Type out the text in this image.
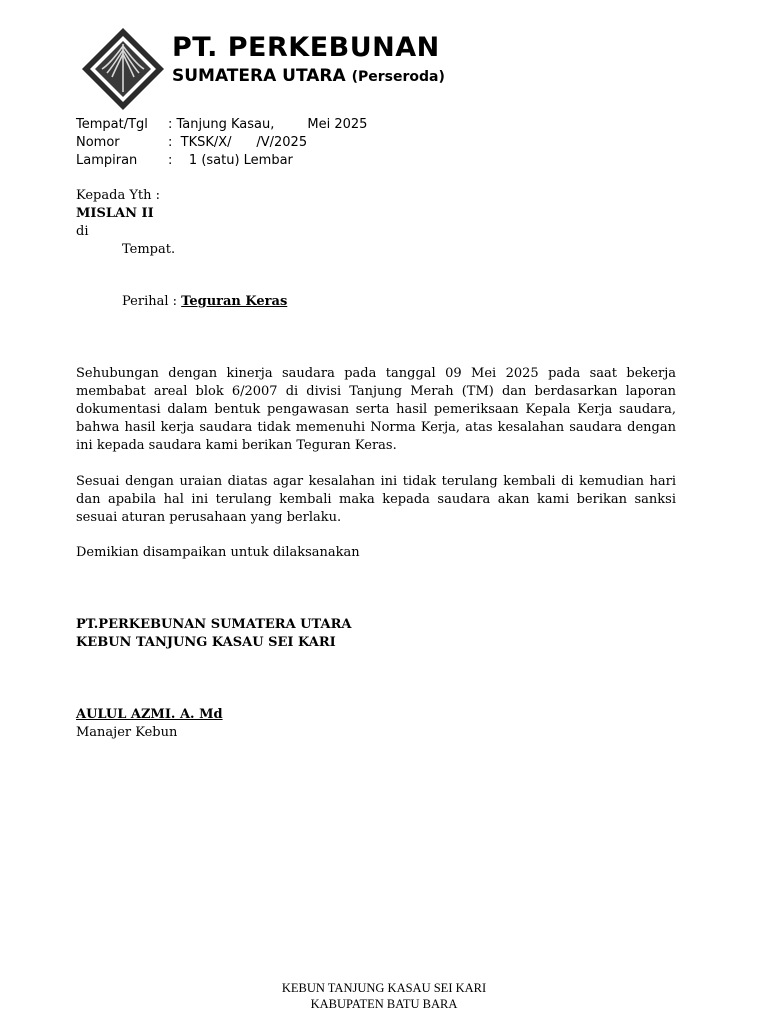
PT. PERKEBUNAN
SUMATERA UTARA (Perseroda)
Tempat/Tgl : Tanjung Kasau,        Mei 2025
Nomor	:  TKSK/X/      /V/2025
Lampiran :    1 (satu) Lembar
Kepada Yth :
MISLAN II
di
Tempat.
Perihal : Teguran Keras
Sehubungan dengan kinerja saudara pada tanggal 09 Mei 2025 pada saat bekerja membabat areal blok 6/2007 di divisi Tanjung Merah (TM) dan berdasarkan laporan dokumentasi dalam bentuk pengawasan serta hasil pemeriksaan Kepala Kerja saudara, bahwa hasil kerja saudara tidak memenuhi Norma Kerja, atas kesalahan saudara dengan ini kepada saudara kami berikan Teguran Keras.
Sesuai dengan uraian diatas agar kesalahan ini tidak terulang kembali di kemudian hari dan apabila hal ini terulang kembali maka kepada saudara akan kami berikan sanksi sesuai aturan perusahaan yang berlaku.
Demikian disampaikan untuk dilaksanakan
PT.PERKEBUNAN SUMATERA UTARA
KEBUN TANJUNG KASAU SEI KARI
AULUL AZMI. A. Md
Manajer Kebun
KEBUN TANJUNG KASAU SEI KARI
KABUPATEN BATU BARA
